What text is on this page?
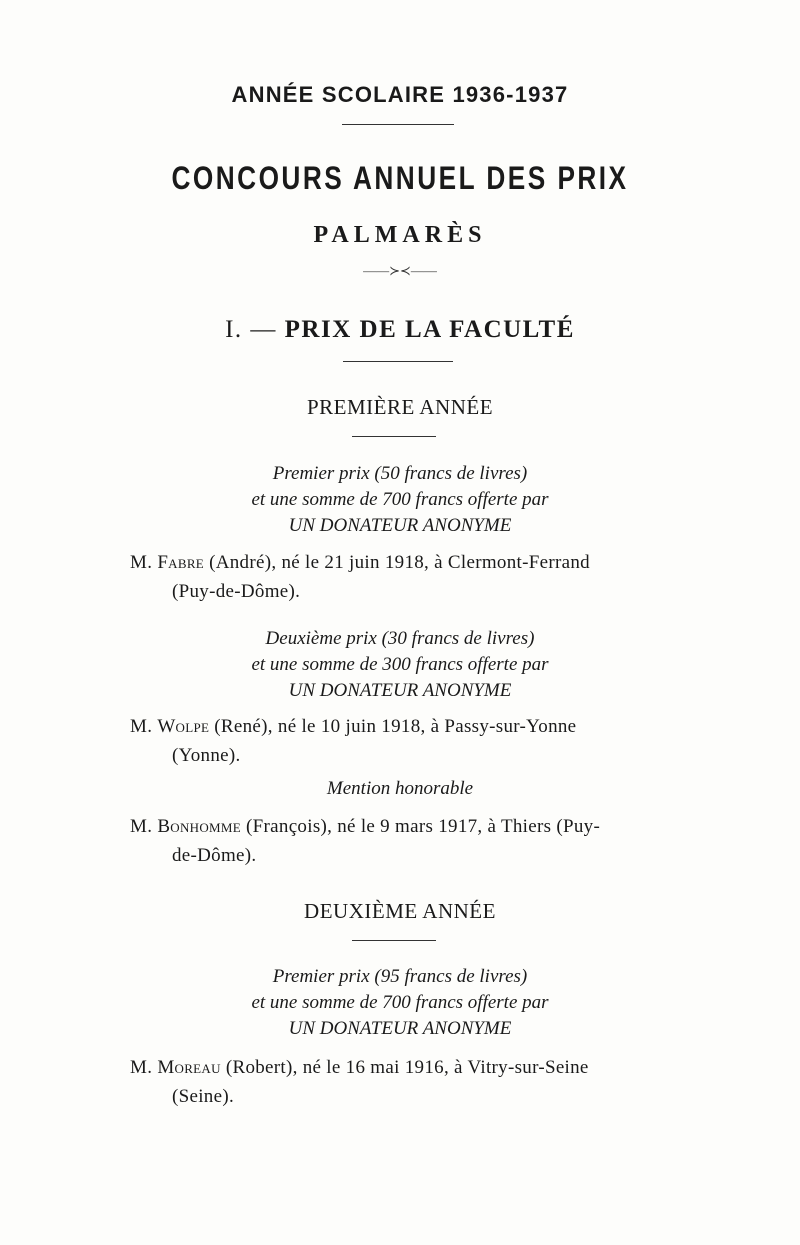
ANNÉE SCOLAIRE 1936-1937
CONCOURS ANNUEL DES PRIX
PALMARÈS
——≻≺——
I. — PRIX DE LA FACULTÉ
PREMIÈRE ANNÉE
Premier prix (50 francs de livres)
et une somme de 700 francs offerte par
UN DONATEUR ANONYME
M. Fabre (André), né le 21 juin 1918, à Clermont-Ferrand
(Puy-de-Dôme).
Deuxième prix (30 francs de livres)
et une somme de 300 francs offerte par
UN DONATEUR ANONYME
M. Wolpe (René), né le 10 juin 1918, à Passy-sur-Yonne
(Yonne).
Mention honorable
M. Bonhomme (François), né le 9 mars 1917, à Thiers (Puy-
de-Dôme).
DEUXIÈME ANNÉE
Premier prix (95 francs de livres)
et une somme de 700 francs offerte par
UN DONATEUR ANONYME
M. Moreau (Robert), né le 16 mai 1916, à Vitry-sur-Seine
(Seine).
